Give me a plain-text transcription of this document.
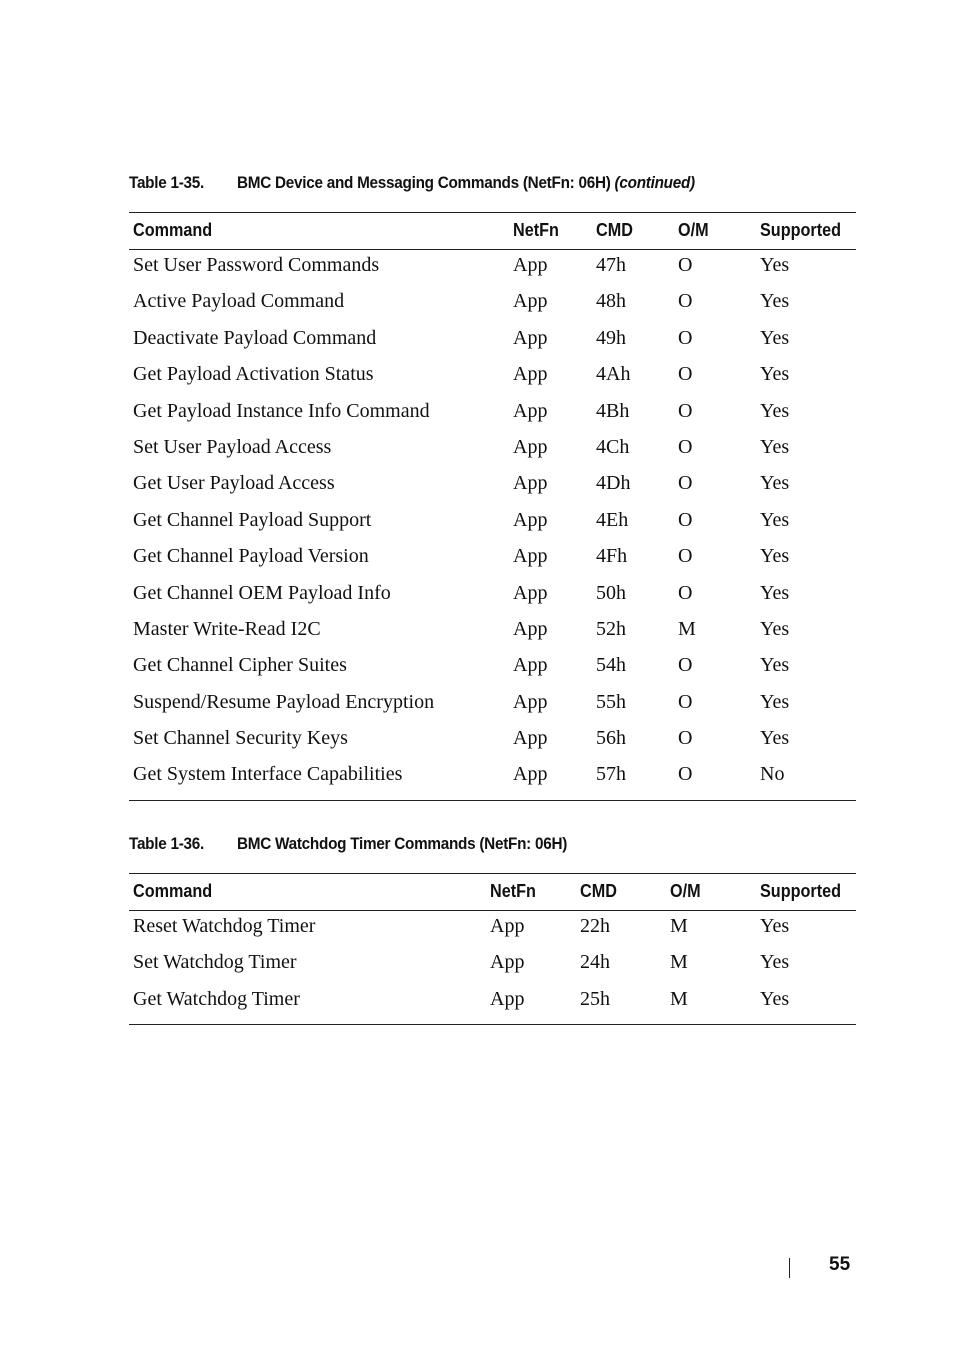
Table 1-35. BMC Device and Messaging Commands (NetFn: 06H) (continued)
Command	NetFn CMD	O/M	Supported
Set User Password Commands	App 47h	O	Yes
Active Payload Command	App 48h	O	Yes
Deactivate Payload Command	App 49h	O	Yes
Get Payload Activation Status	App 4Ah O	Yes
Get Payload Instance Info Command	App 4Bh O	Yes
Set User Payload Access	App 4Ch O	Yes
Get User Payload Access	App 4Dh O	Yes
Get Channel Payload Support	App 4Eh O	Yes
Get Channel Payload Version	App 4Fh	O	Yes
Get Channel OEM Payload Info	App 50h	O	Yes
Master Write-Read I2C	App 52h	M	Yes
Get Channel Cipher Suites	App 54h	O	Yes
Suspend/Resume Payload Encryption	App 55h	O	Yes
Set Channel Security Keys	App 56h	O	Yes
Get System Interface Capabilities	App 57h	O	No
Table 1-36. BMC Watchdog Timer Commands (NetFn: 06H)
Command	NetFn CMD	O/M	Supported
Reset Watchdog Timer	App	22h	M	Yes
Set Watchdog Timer	App	24h	M	Yes
Get Watchdog Timer	App	25h	M	Yes
55
